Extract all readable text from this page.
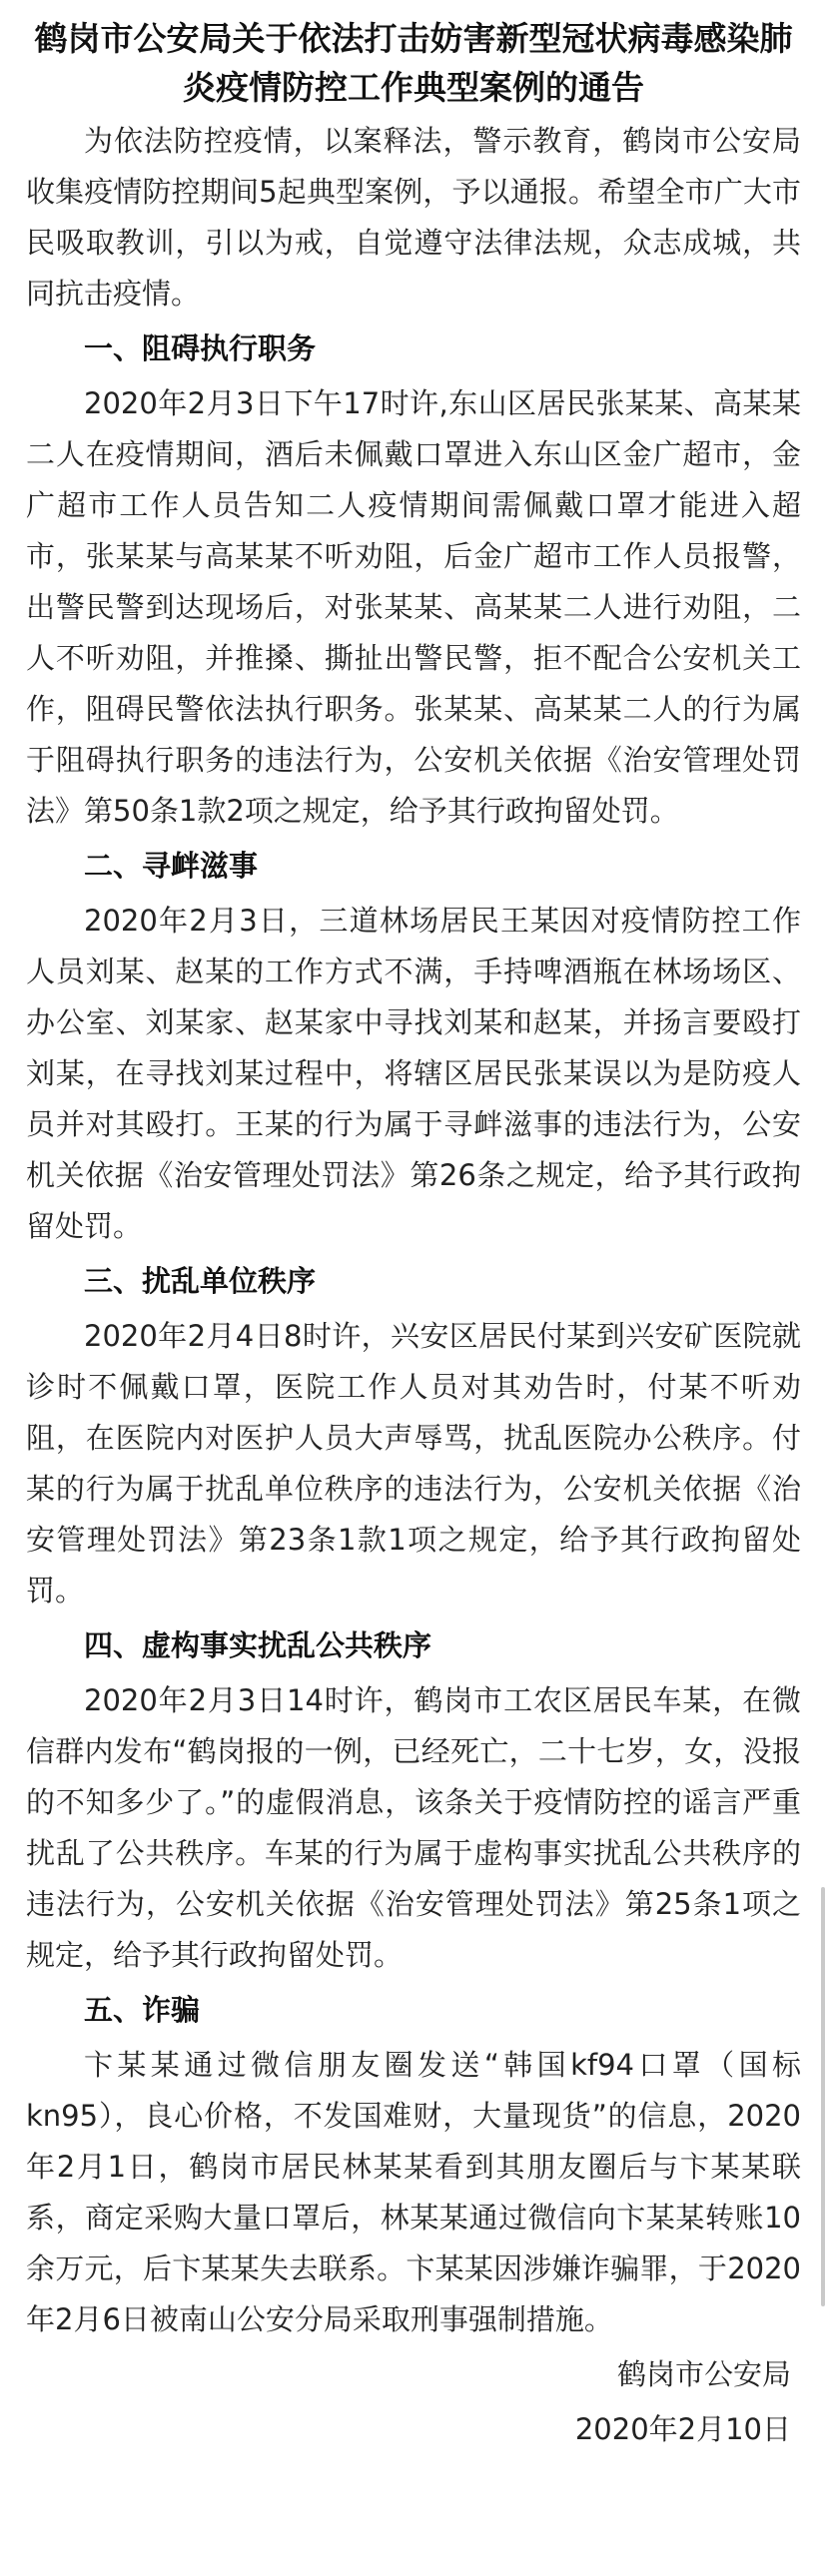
鹤岗市公安局关于依法打击妨害新型冠状病毒感染肺炎疫情防控工作典型案例的通告

为依法防控疫情，以案释法，警示教育，鹤岗市公安局收集疫情防控期间5起典型案例，予以通报。希望全市广大市民吸取教训，引以为戒，自觉遵守法律法规，众志成城，共同抗击疫情。

一、阻碍执行职务

2020年2月3日下午17时许,东山区居民张某某、高某某二人在疫情期间，酒后未佩戴口罩进入东山区金广超市，金广超市工作人员告知二人疫情期间需佩戴口罩才能进入超市，张某某与高某某不听劝阻，后金广超市工作人员报警，出警民警到达现场后，对张某某、高某某二人进行劝阻，二人不听劝阻，并推搡、撕扯出警民警，拒不配合公安机关工作，阻碍民警依法执行职务。张某某、高某某二人的行为属于阻碍执行职务的违法行为，公安机关依据《治安管理处罚法》第50条1款2项之规定，给予其行政拘留处罚。

二、寻衅滋事

2020年2月3日，三道林场居民王某因对疫情防控工作人员刘某、赵某的工作方式不满，手持啤酒瓶在林场场区、办公室、刘某家、赵某家中寻找刘某和赵某，并扬言要殴打刘某，在寻找刘某过程中，将辖区居民张某误以为是防疫人员并对其殴打。王某的行为属于寻衅滋事的违法行为，公安机关依据《治安管理处罚法》第26条之规定，给予其行政拘留处罚。

三、扰乱单位秩序

2020年2月4日8时许，兴安区居民付某到兴安矿医院就诊时不佩戴口罩，医院工作人员对其劝告时，付某不听劝阻，在医院内对医护人员大声辱骂，扰乱医院办公秩序。付某的行为属于扰乱单位秩序的违法行为，公安机关依据《治安管理处罚法》第23条1款1项之规定，给予其行政拘留处罚。

四、虚构事实扰乱公共秩序

2020年2月3日14时许，鹤岗市工农区居民车某，在微信群内发布“鹤岗报的一例，已经死亡，二十七岁，女，没报的不知多少了。”的虚假消息，该条关于疫情防控的谣言严重扰乱了公共秩序。车某的行为属于虚构事实扰乱公共秩序的违法行为，公安机关依据《治安管理处罚法》第25条1项之规定，给予其行政拘留处罚。

五、诈骗

卞某某通过微信朋友圈发送“韩国kf94口罩（国标kn95），良心价格，不发国难财，大量现货”的信息，2020年2月1日，鹤岗市居民林某某看到其朋友圈后与卞某某联系，商定采购大量口罩后，林某某通过微信向卞某某转账10余万元，后卞某某失去联系。卞某某因涉嫌诈骗罪，于2020年2月6日被南山公安分局采取刑事强制措施。

鹤岗市公安局

2020年2月10日
